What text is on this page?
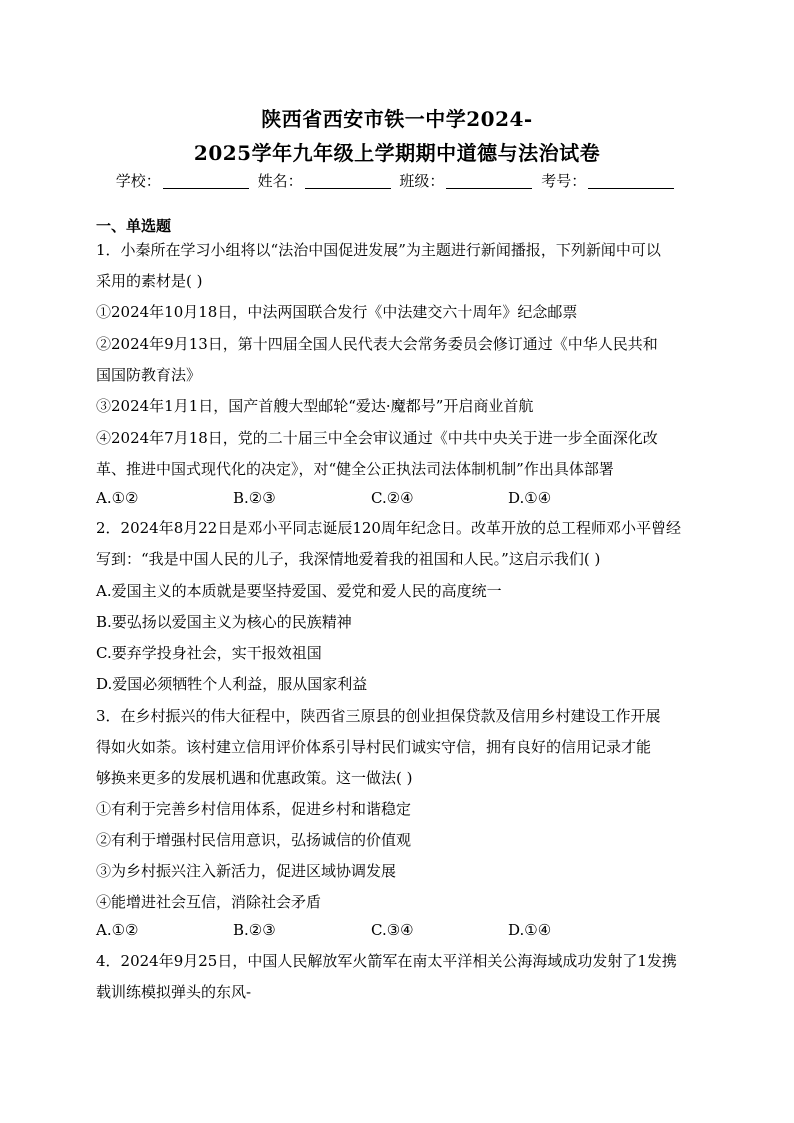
陕西省西安市铁一中学2024-
2025学年九年级上学期期中道德与法治试卷
学校：	姓名：	班级：	考号：
一、单选题
1．小秦所在学习小组将以“法治中国促进发展”为主题进行新闻播报，下列新闻中可以
采用的素材是( )
①2024年10月18日，中法两国联合发行《中法建交六十周年》纪念邮票
②2024年9月13日，第十四届全国人民代表大会常务委员会修订通过《中华人民共和
国国防教育法》
③2024年1月1日，国产首艘大型邮轮“爱达·魔都号”开启商业首航
④2024年7月18日，党的二十届三中全会审议通过《中共中央关于进一步全面深化改
革、推进中国式现代化的决定》，对“健全公正执法司法体制机制”作出具体部署
A.①②	B.②③	C.②④	D.①④
2．2024年8月22日是邓小平同志诞辰120周年纪念日。改革开放的总工程师邓小平曾经
写到：“我是中国人民的儿子，我深情地爱着我的祖国和人民。”这启示我们( )
A.爱国主义的本质就是要坚持爱国、爱党和爱人民的高度统一
B.要弘扬以爱国主义为核心的民族精神
C.要弃学投身社会，实干报效祖国
D.爱国必须牺牲个人利益，服从国家利益
3．在乡村振兴的伟大征程中，陕西省三原县的创业担保贷款及信用乡村建设工作开展
得如火如荼。该村建立信用评价体系引导村民们诚实守信，拥有良好的信用记录才能
够换来更多的发展机遇和优惠政策。这一做法( )
①有利于完善乡村信用体系，促进乡村和谐稳定
②有利于增强村民信用意识，弘扬诚信的价值观
③为乡村振兴注入新活力，促进区域协调发展
④能增进社会互信，消除社会矛盾
A.①②	B.②③	C.③④	D.①④
4．2024年9月25日，中国人民解放军火箭军在南太平洋相关公海海域成功发射了1发携
载训练模拟弹头的东风-
